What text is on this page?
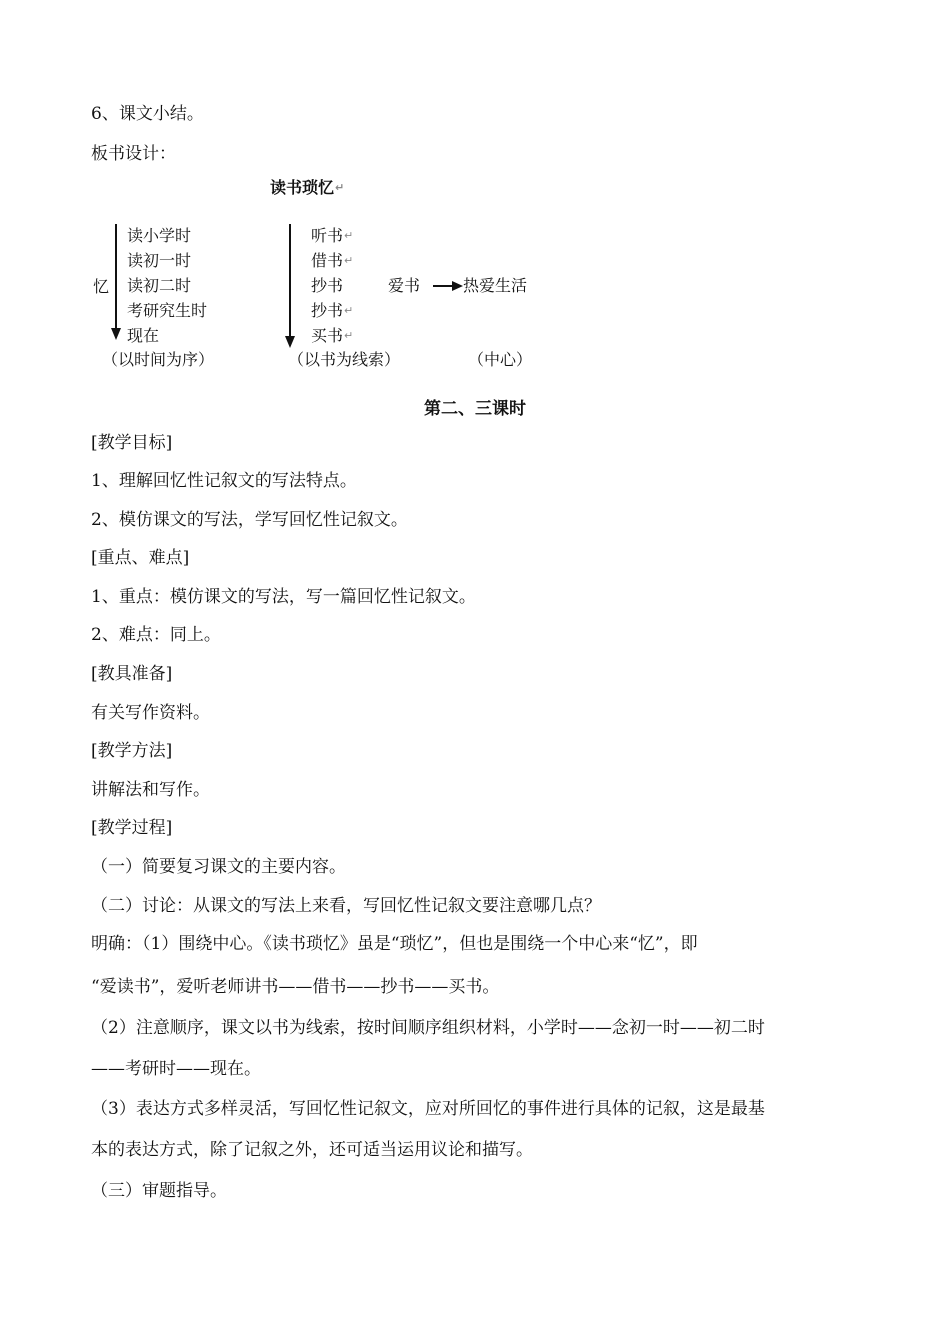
6、课文小结。
板书设计：
读书琐忆↵
忆
读小学时
读初一时
读初二时
考研究生时
现在
（以时间为序）
听书↵
借书↵
抄书
抄书↵
买书↵
（以书为线索）
爱书	热爱生活
（中心）
第二、三课时
[教学目标]
1、理解回忆性记叙文的写法特点。
2、模仿课文的写法，学写回忆性记叙文。
[重点、难点]
1、重点：模仿课文的写法，写一篇回忆性记叙文。
2、难点：同上。
[教具准备]
有关写作资料。
[教学方法]
讲解法和写作。
[教学过程]
（一）简要复习课文的主要内容。
（二）讨论：从课文的写法上来看，写回忆性记叙文要注意哪几点？
明确：（1）围绕中心。《读书琐忆》虽是“琐忆”，但也是围绕一个中心来“忆”，即
“爱读书”，爱听老师讲书——借书——抄书——买书。
（2）注意顺序，课文以书为线索，按时间顺序组织材料，小学时——念初一时——初二时
——考研时——现在。
（3）表达方式多样灵活，写回忆性记叙文，应对所回忆的事件进行具体的记叙，这是最基
本的表达方式，除了记叙之外，还可适当运用议论和描写。
（三）审题指导。
